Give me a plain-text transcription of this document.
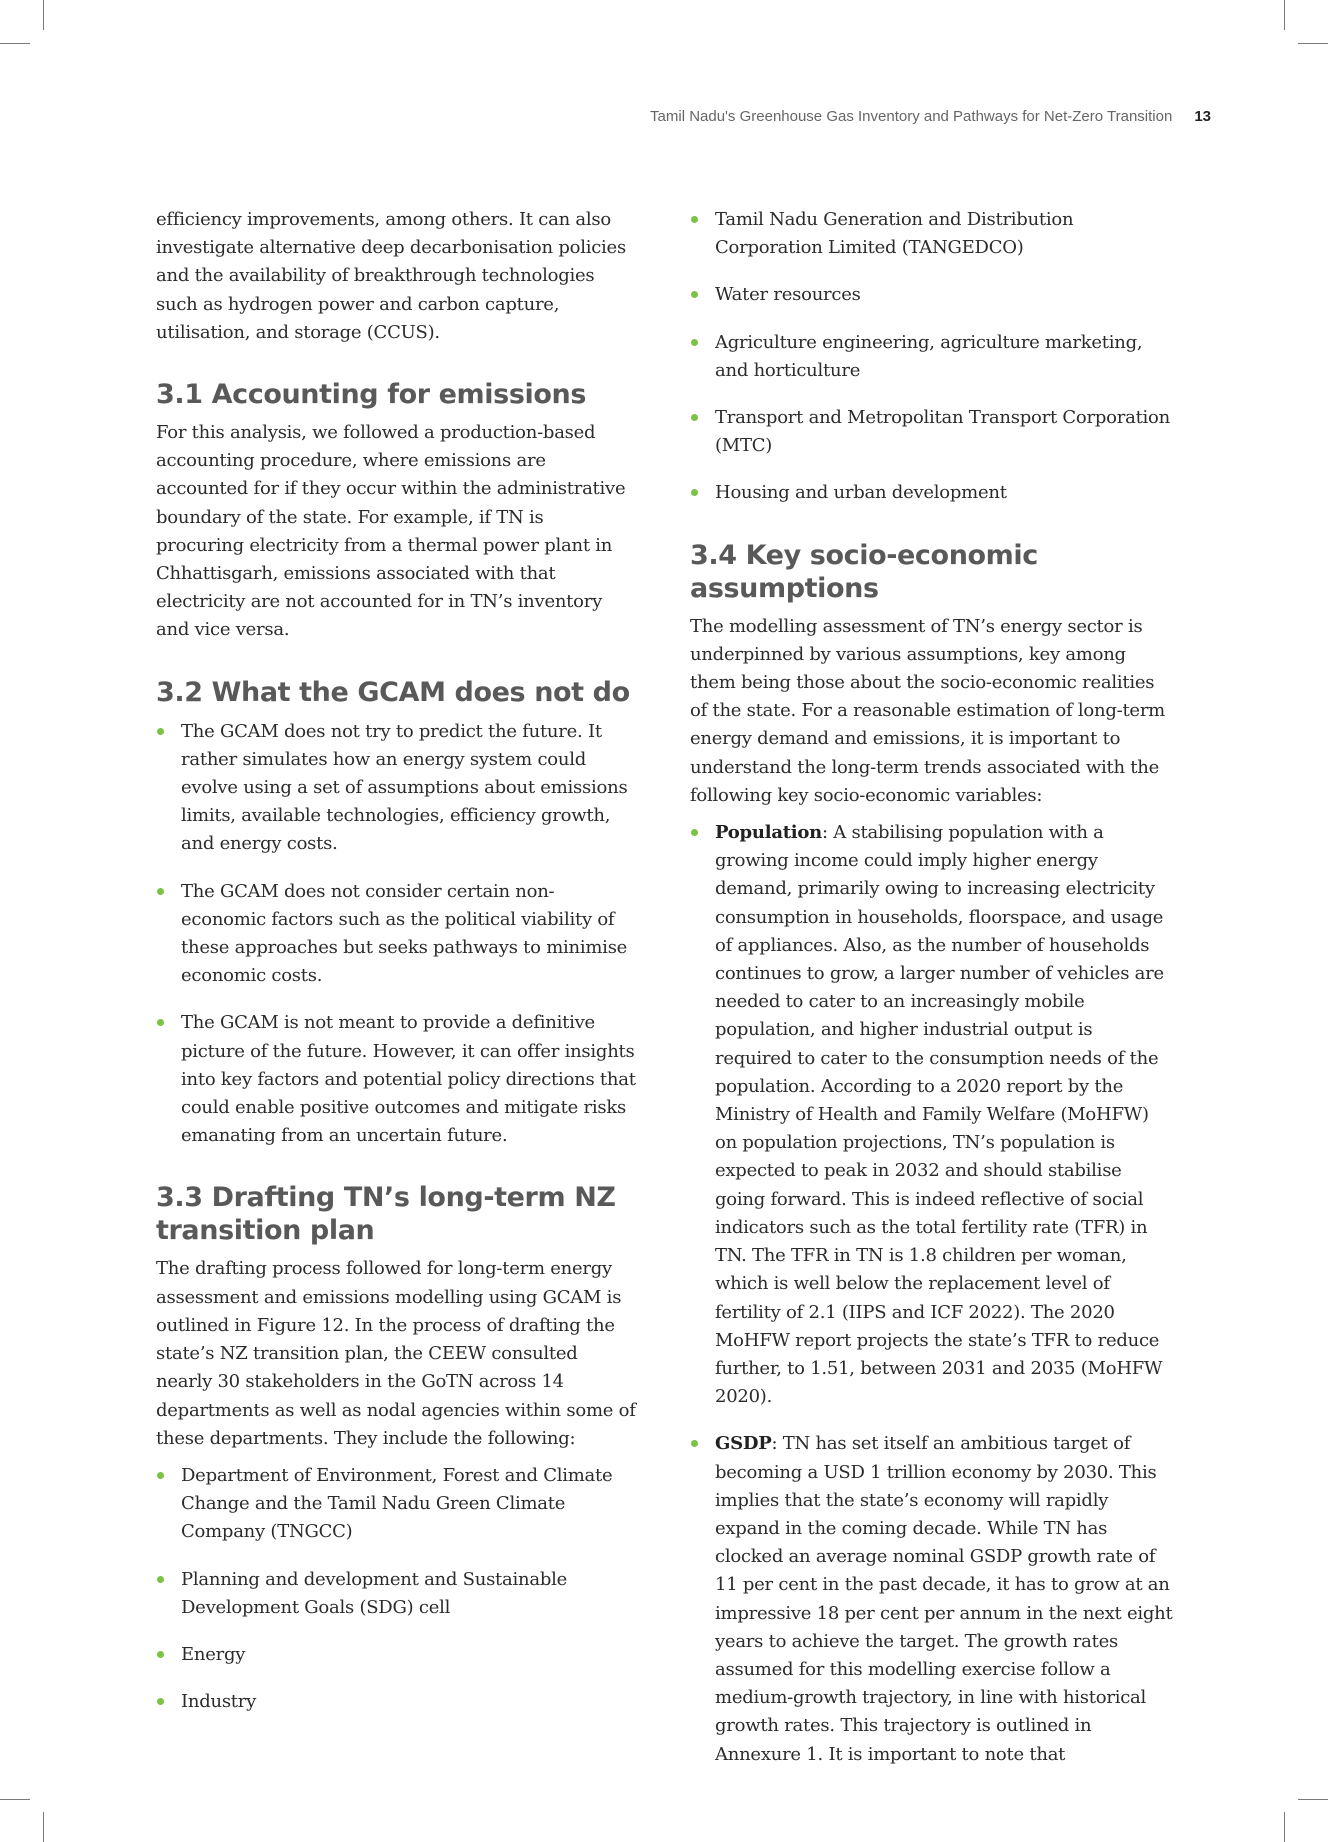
Tamil Nadu's Greenhouse Gas Inventory and Pathways for Net-Zero Transition 13

efficiency improvements, among others. It can also investigate alternative deep decarbonisation policies and the availability of breakthrough technologies such as hydrogen power and carbon capture, utilisation, and storage (CCUS).

3.1 Accounting for emissions

For this analysis, we followed a production-based accounting procedure, where emissions are accounted for if they occur within the administrative boundary of the state. For example, if TN is procuring electricity from a thermal power plant in Chhattisgarh, emissions associated with that electricity are not accounted for in TN’s inventory and vice versa.

3.2 What the GCAM does not do
The GCAM does not try to predict the future. It rather simulates how an energy system could evolve using a set of assumptions about emissions limits, available technologies, efficiency growth, and energy costs.
The GCAM does not consider certain non-economic factors such as the political viability of these approaches but seeks pathways to minimise economic costs.
The GCAM is not meant to provide a definitive picture of the future. However, it can offer insights into key factors and potential policy directions that could enable positive outcomes and mitigate risks emanating from an uncertain future.
3.3 Drafting TN’s long-term NZ transition plan

The drafting process followed for long-term energy assessment and emissions modelling using GCAM is outlined in Figure 12. In the process of drafting the state’s NZ transition plan, the CEEW consulted nearly 30 stakeholders in the GoTN across 14 departments as well as nodal agencies within some of these departments. They include the following:

Department of Environment, Forest and Climate Change and the Tamil Nadu Green Climate Company (TNGCC)
Planning and development and Sustainable Development Goals (SDG) cell
Energy
Industry
Tamil Nadu Generation and Distribution Corporation Limited (TANGEDCO)
Water resources
Agriculture engineering, agriculture marketing, and horticulture
Transport and Metropolitan Transport Corporation (MTC)
Housing and urban development
3.4 Key socio-economic assumptions

The modelling assessment of TN’s energy sector is underpinned by various assumptions, key among them being those about the socio-economic realities of the state. For a reasonable estimation of long-term energy demand and emissions, it is important to understand the long-term trends associated with the following key socio-economic variables:

Population: A stabilising population with a growing income could imply higher energy demand, primarily owing to increasing electricity consumption in households, floorspace, and usage of appliances. Also, as the number of households continues to grow, a larger number of vehicles are needed to cater to an increasingly mobile population, and higher industrial output is required to cater to the consumption needs of the population. According to a 2020 report by the Ministry of Health and Family Welfare (MoHFW) on population projections, TN’s population is expected to peak in 2032 and should stabilise going forward. This is indeed reflective of social indicators such as the total fertility rate (TFR) in TN. The TFR in TN is 1.8 children per woman, which is well below the replacement level of fertility of 2.1 (IIPS and ICF 2022). The 2020 MoHFW report projects the state’s TFR to reduce further, to 1.51, between 2031 and 2035 (MoHFW 2020).
GSDP: TN has set itself an ambitious target of becoming a USD 1 trillion economy by 2030. This implies that the state’s economy will rapidly expand in the coming decade. While TN has clocked an average nominal GSDP growth rate of 11 per cent in the past decade, it has to grow at an impressive 18 per cent per annum in the next eight years to achieve the target. The growth rates assumed for this modelling exercise follow a medium-growth trajectory, in line with historical growth rates. This trajectory is outlined in Annexure 1. It is important to note that
